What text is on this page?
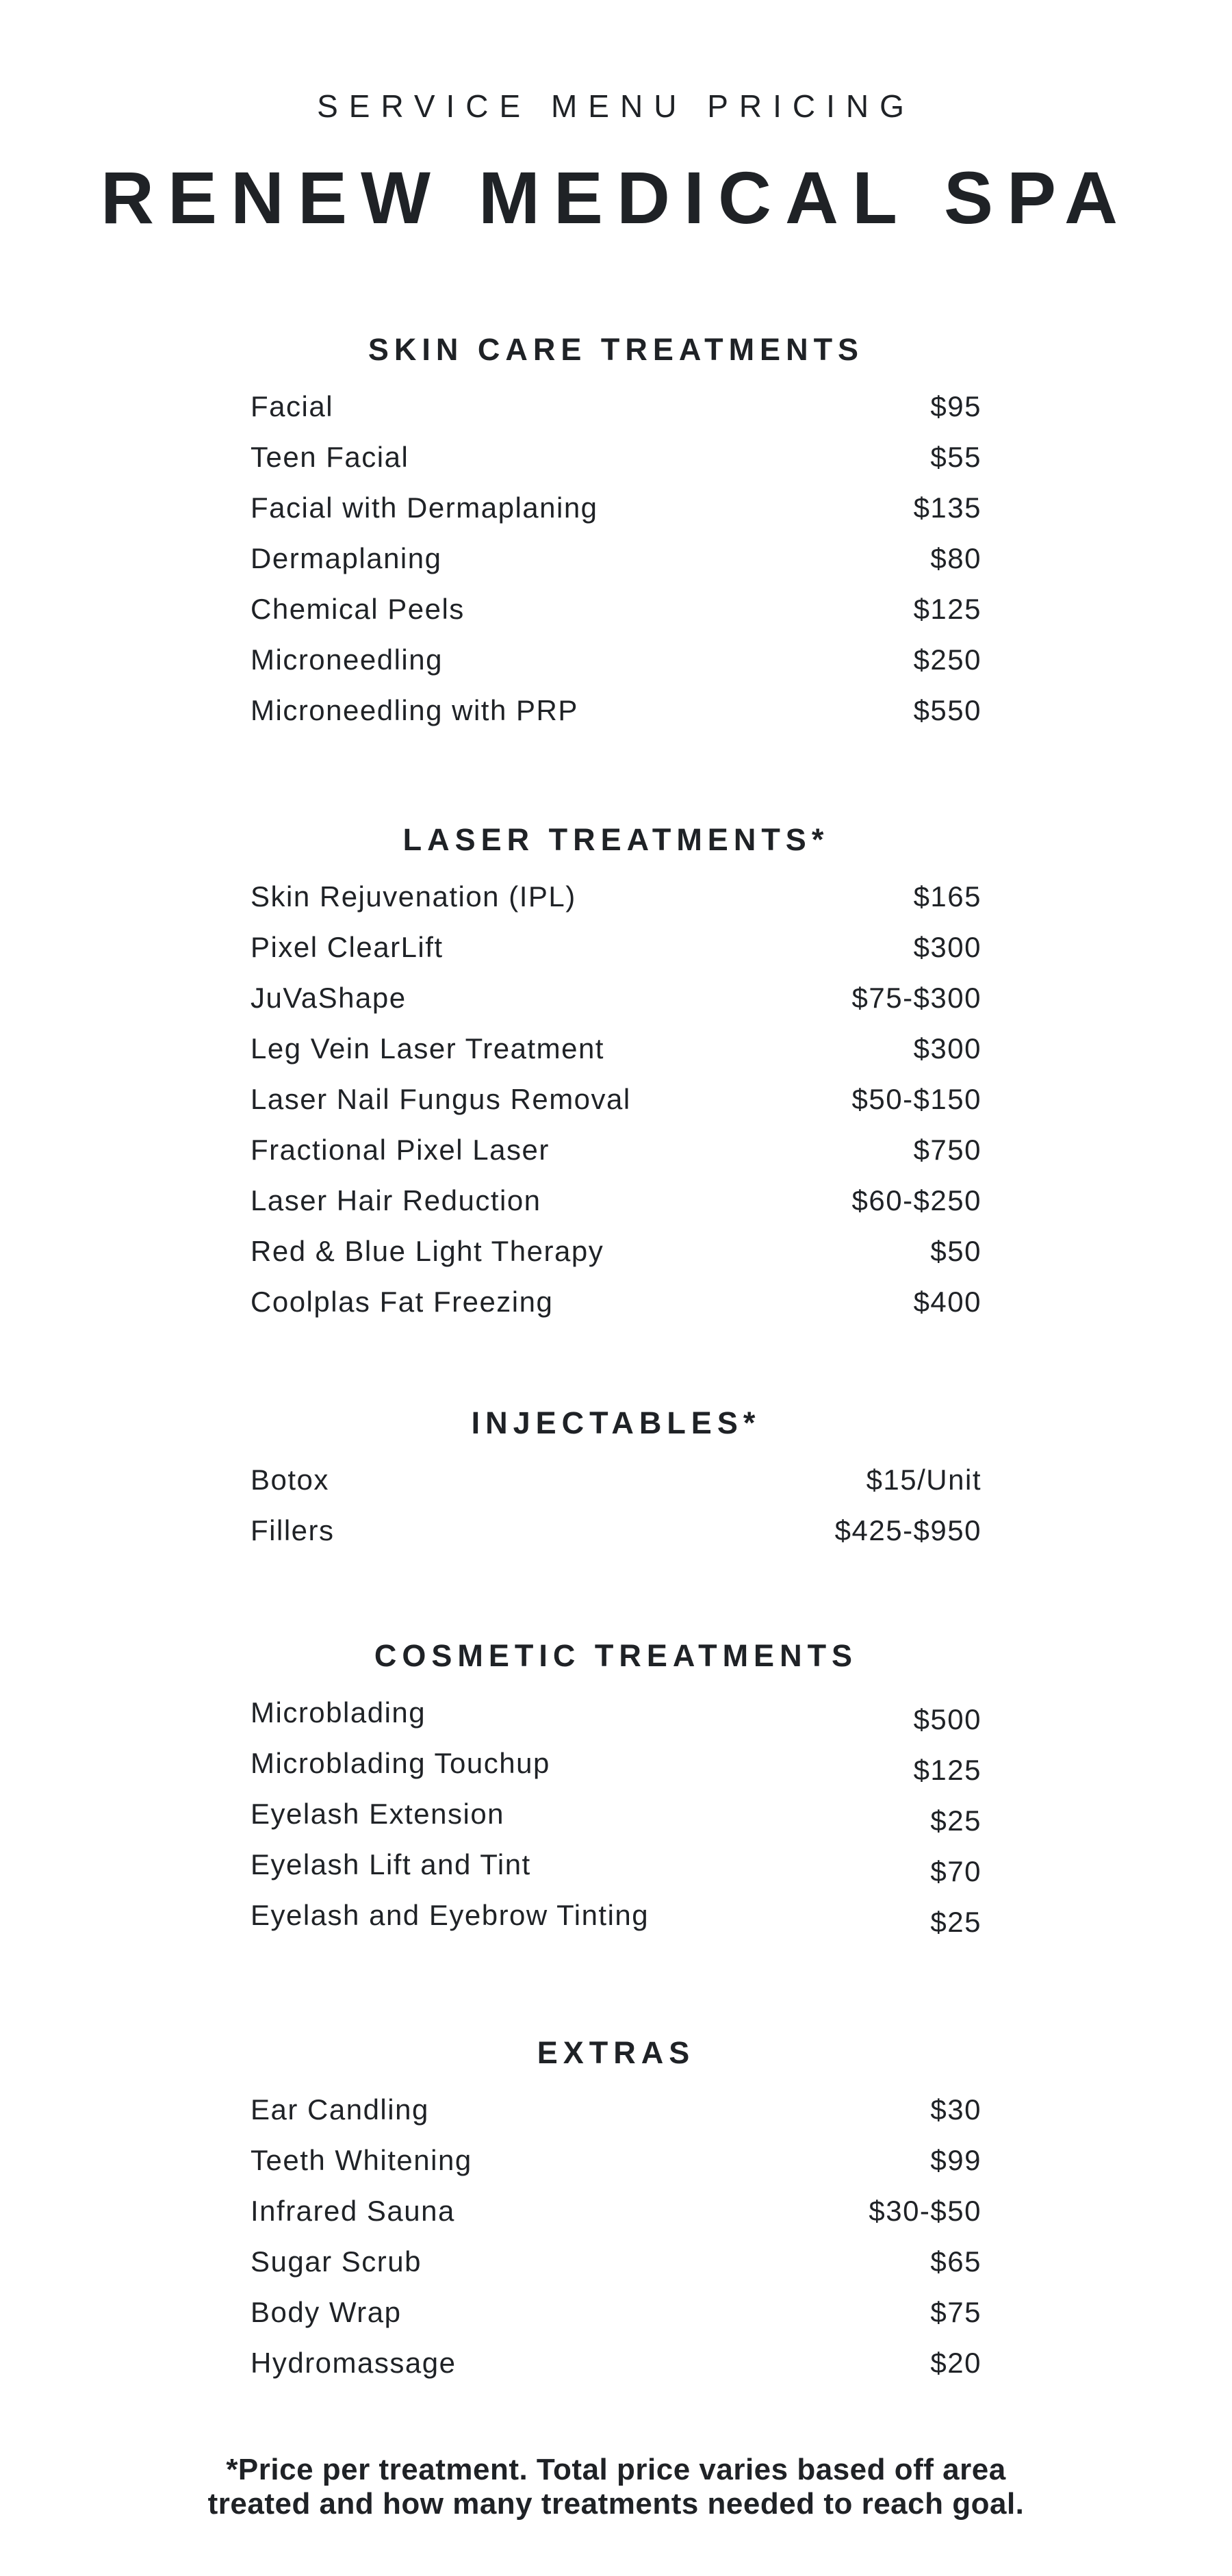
SERVICE MENU PRICING

RENEW MEDICAL SPA
SKIN CARE TREATMENTS
Facial	$95
Teen Facial	$55
Facial with Dermaplaning	$135
Dermaplaning	$80
Chemical Peels	$125
Microneedling	$250
Microneedling with PRP	$550
LASER TREATMENTS*
Skin Rejuvenation (IPL)	$165
Pixel ClearLift	$300
JuVaShape	$75-$300
Leg Vein Laser Treatment	$300
Laser Nail Fungus Removal	$50-$150
Fractional Pixel Laser	$750
Laser Hair Reduction	$60-$250
Red & Blue Light Therapy	$50
Coolplas Fat Freezing	$400
INJECTABLES*
Botox	$15/Unit
Fillers	$425-$950
COSMETIC TREATMENTS
Microblading	$500
Microblading Touchup	$125
Eyelash Extension	$25
Eyelash Lift and Tint	$70
Eyelash and Eyebrow Tinting	$25
EXTRAS
Ear Candling	$30
Teeth Whitening	$99
Infrared Sauna	$30-$50
Sugar Scrub	$65
Body Wrap	$75
Hydromassage	$20

*Price per treatment. Total price varies based off area treated and how many treatments needed to reach goal.
